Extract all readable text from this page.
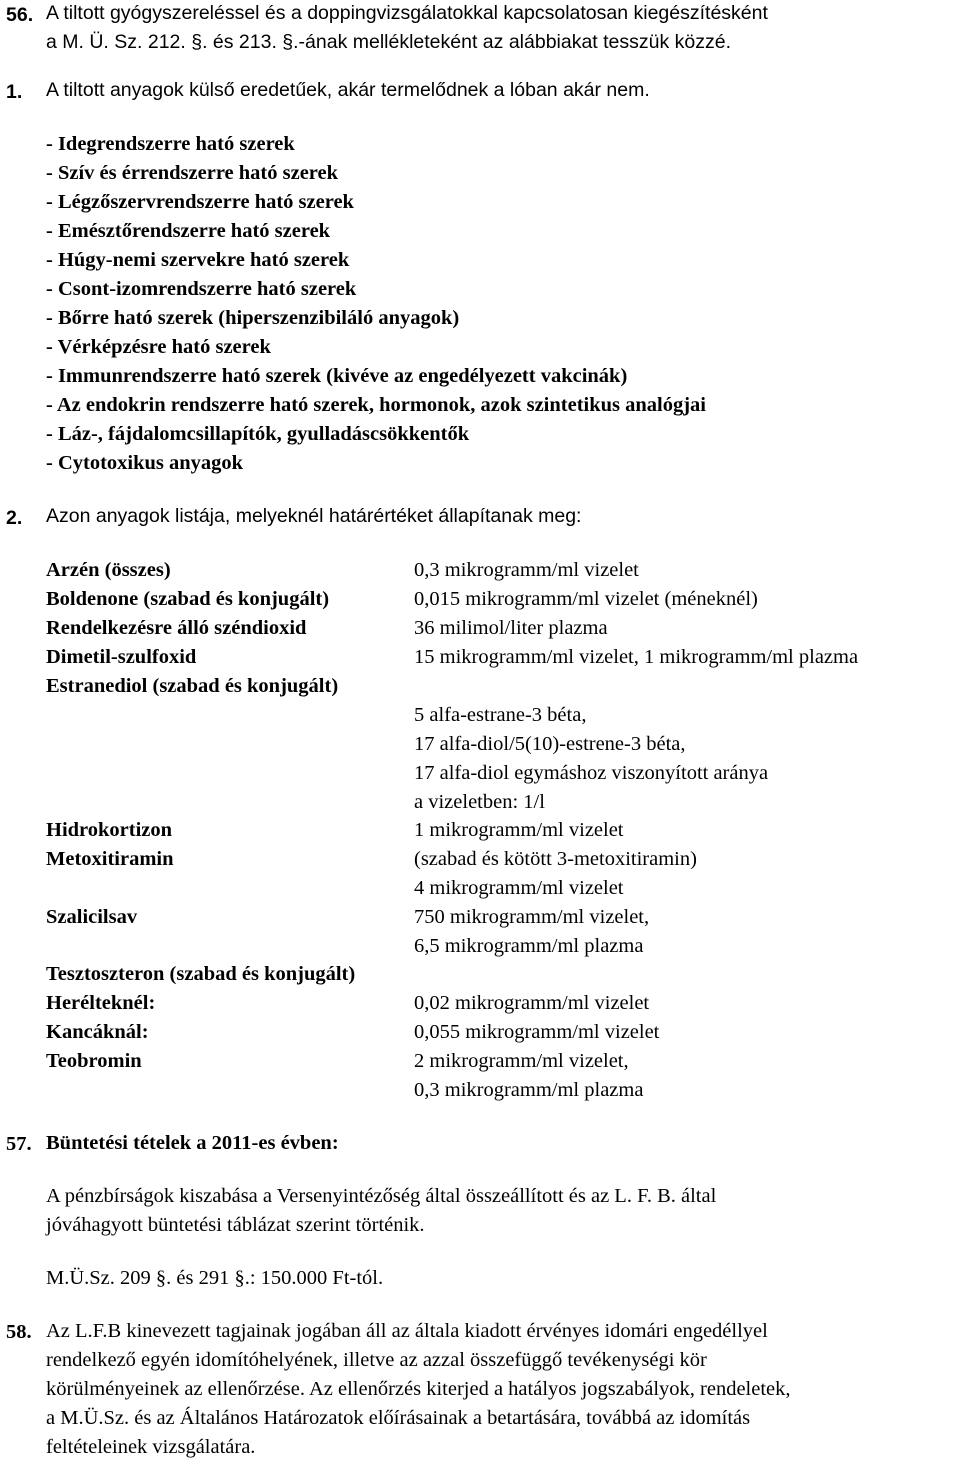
56. A tiltott gyógyszereléssel és a doppingvizsgálatokkal kapcsolatosan kiegészítésként
a M. Ü. Sz. 212. §. és 213. §.-ának mellékleteként az alábbiakat tesszük közzé.
1. A tiltott anyagok külső eredetűek, akár termelődnek a lóban akár nem.
- Idegrendszerre ható szerek
- Szív és érrendszerre ható szerek
- Légzőszervrendszerre ható szerek
- Emésztőrendszerre ható szerek
- Húgy-nemi szervekre ható szerek
- Csont-izomrendszerre ható szerek
- Bőrre ható szerek (hiperszenzibiláló anyagok)
- Vérképzésre ható szerek
- Immunrendszerre ható szerek (kivéve az engedélyezett vakcinák)
- Az endokrin rendszerre ható szerek, hormonok, azok szintetikus analógjai
- Láz-, fájdalomcsillapítók, gyulladáscsökkentők
- Cytotoxikus anyagok
2. Azon anyagok listája, melyeknél határértéket állapítanak meg:
Arzén (összes)	0,3 mikrogramm/ml vizelet
Boldenone (szabad és konjugált)	0,015 mikrogramm/ml vizelet (méneknél)
Rendelkezésre álló széndioxid	36 milimol/liter plazma
Dimetil-szulfoxid	15 mikrogramm/ml vizelet, 1 mikrogramm/ml plazma
Estranediol (szabad és konjugált)
5 alfa-estrane-3 béta,
17 alfa-diol/5(10)-estrene-3 béta,
17 alfa-diol egymáshoz viszonyított aránya
a vizeletben: 1/l
Hidrokortizon	1 mikrogramm/ml vizelet
Metoxitiramin	(szabad és kötött 3-metoxitiramin)
4 mikrogramm/ml vizelet
Szalicilsav	750 mikrogramm/ml vizelet,
6,5 mikrogramm/ml plazma
Tesztoszteron (szabad és konjugált)
Herélteknél:	0,02 mikrogramm/ml vizelet
Kancáknál:	0,055 mikrogramm/ml vizelet
Teobromin	2 mikrogramm/ml vizelet,
0,3 mikrogramm/ml plazma
57. Büntetési tételek a 2011-es évben:
A pénzbírságok kiszabása a Versenyintézőség által összeállított és az L. F. B. által
jóváhagyott büntetési táblázat szerint történik.
M.Ü.Sz. 209 §. és 291 §.: 150.000 Ft-tól.
58. Az L.F.B kinevezett tagjainak jogában áll az általa kiadott érvényes idomári engedéllyel
rendelkező egyén idomítóhelyének, illetve az azzal összefüggő tevékenységi kör
körülményeinek az ellenőrzése. Az ellenőrzés kiterjed a hatályos jogszabályok, rendeletek,
a M.Ü.Sz. és az Általános Határozatok előírásainak a betartására, továbbá az idomítás
feltételeinek vizsgálatára.
